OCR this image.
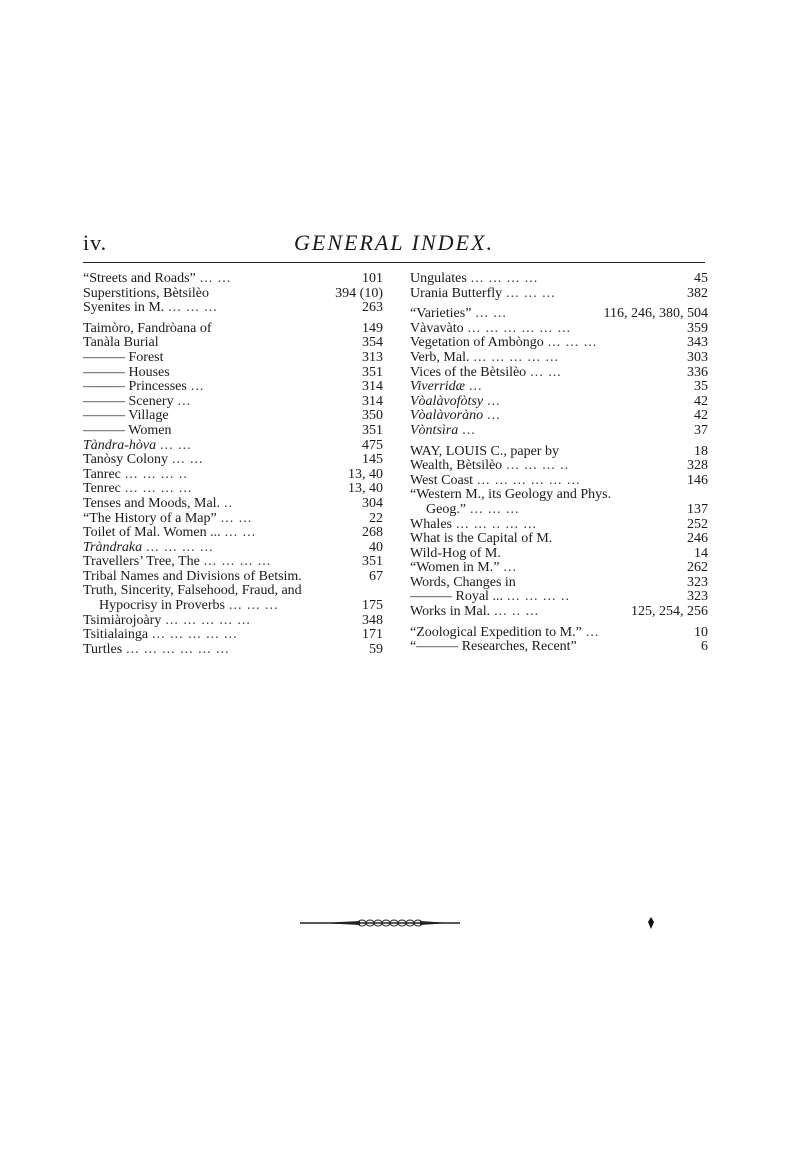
iv.	GENERAL INDEX.
“Streets and Roads” ... ...	101
Superstitions, Bètsilèo	394 (10)
Syenites in M. ... ... ...	263
Taimòro, Fandròana of	149
Tanàla Burial	354
——— Forest	313
——— Houses	351
——— Princesses ...	314
——— Scenery ...	314
——— Village	350
——— Women	351
Tàndra-hòva ... ...	475
Tanòsy Colony ... ...	145
Tanrec ... ... ... ..	13, 40
Tenrec ... ... ... ...	13, 40
Tenses and Moods, Mal. ..	304
“The History of a Map” ... ...	22
Toilet of Mal. Women ... ... ...	268
Tràndraka ... ... ... ...	40
Travellers’ Tree, The ... ... ... ...	351
Tribal Names and Divisions of Betsim.	67
Truth, Sincerity, Falsehood, Fraud, and
Hypocrisy in Proverbs ... ... ...	175
Tsimiàrojoàry ... ... ... ... ...	348
Tsitialainga ... ... ... ... ...	171
Turtles ... ... ... ... ... ...	59
Ungulates ... ... ... ...	45
Urania Butterfly ... ... ...	382
“Varieties” ... ...	116, 246, 380, 504
Vàvavàto ... ... ... ... ... ...	359
Vegetation of Ambòngo ... ... ...	343
Verb, Mal. ... ... ... ... ...	303
Vices of the Bètsilèo ... ...	336
Viverridæ ...	35
Vòalàvofòtsy ...	42
Vòalàvoràno ...	42
Vòntsìra ...	37
WAY, LOUIS C., paper by	18
Wealth, Bètsilèo ... ... ... ..	328
West Coast ... ... ... ... ... ...	146
“Western M., its Geology and Phys.
Geog.” ... ... ...	137
Whales ... ... .. ... ...	252
What is the Capital of M.	246
Wild-Hog of M.	14
“Women in M.” ...	262
Words, Changes in	323
——— Royal ... ... ... ... ..	323
Works in Mal. ... .. ...	125, 254, 256
“Zoological Expedition to M.” ...	10
“——— Researches, Recent”	6
